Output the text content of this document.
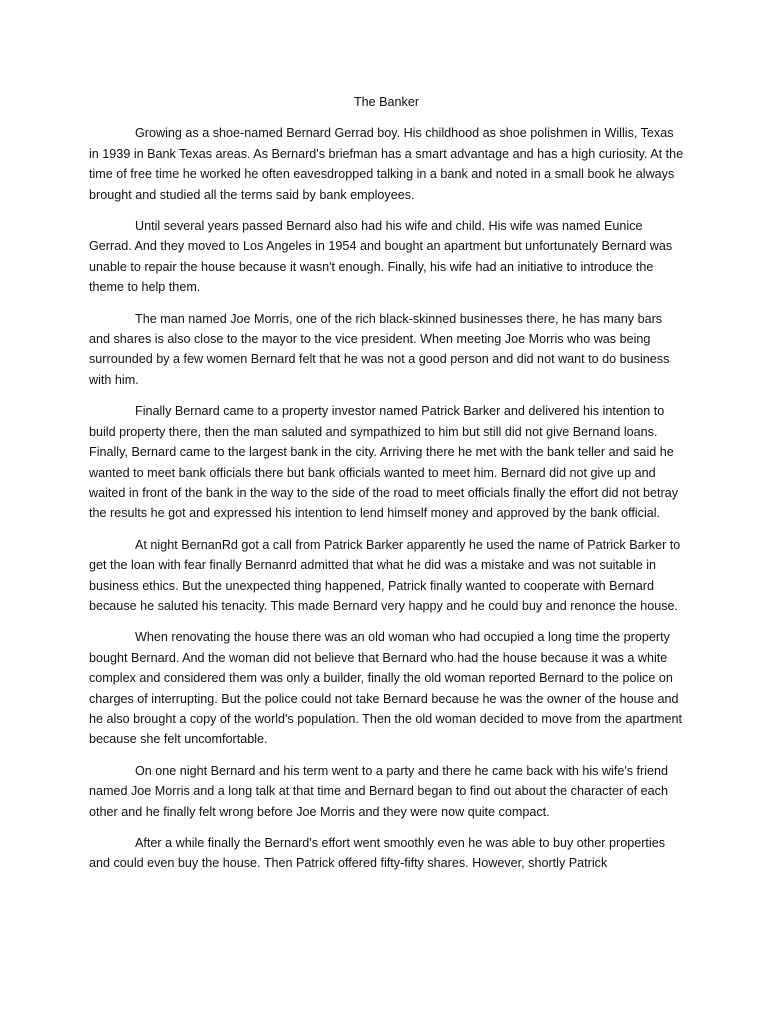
The Banker

Growing as a shoe-named Bernard Gerrad boy. His childhood as shoe polishmen in Willis, Texas in 1939 in Bank Texas areas. As Bernard's briefman has a smart advantage and has a high curiosity. At the time of free time he worked he often eavesdropped talking in a bank and noted in a small book he always brought and studied all the terms said by bank employees.

Until several years passed Bernard also had his wife and child. His wife was named Eunice Gerrad. And they moved to Los Angeles in 1954 and bought an apartment but unfortunately Bernard was unable to repair the house because it wasn't enough. Finally, his wife had an initiative to introduce the theme to help them.

The man named Joe Morris, one of the rich black-skinned businesses there, he has many bars and shares is also close to the mayor to the vice president. When meeting Joe Morris who was being surrounded by a few women Bernard felt that he was not a good person and did not want to do business with him.

Finally Bernard came to a property investor named Patrick Barker and delivered his intention to build property there, then the man saluted and sympathized to him but still did not give Bernand loans. Finally, Bernard came to the largest bank in the city. Arriving there he met with the bank teller and said he wanted to meet bank officials there but bank officials wanted to meet him. Bernard did not give up and waited in front of the bank in the way to the side of the road to meet officials finally the effort did not betray the results he got and expressed his intention to lend himself money and approved by the bank official.

At night BernanRd got a call from Patrick Barker apparently he used the name of Patrick Barker to get the loan with fear finally Bernanrd admitted that what he did was a mistake and was not suitable in business ethics. But the unexpected thing happened, Patrick finally wanted to cooperate with Bernard because he saluted his tenacity. This made Bernard very happy and he could buy and renonce the house.

When renovating the house there was an old woman who had occupied a long time the property bought Bernard. And the woman did not believe that Bernard who had the house because it was a white complex and considered them was only a builder, finally the old woman reported Bernard to the police on charges of interrupting. But the police could not take Bernard because he was the owner of the house and he also brought a copy of the world's population. Then the old woman decided to move from the apartment because she felt uncomfortable.

On one night Bernard and his term went to a party and there he came back with his wife's friend named Joe Morris and a long talk at that time and Bernard began to find out about the character of each other and he finally felt wrong before Joe Morris and they were now quite compact.

After a while finally the Bernard's effort went smoothly even he was able to buy other properties and could even buy the house. Then Patrick offered fifty-fifty shares. However, shortly Patrick
